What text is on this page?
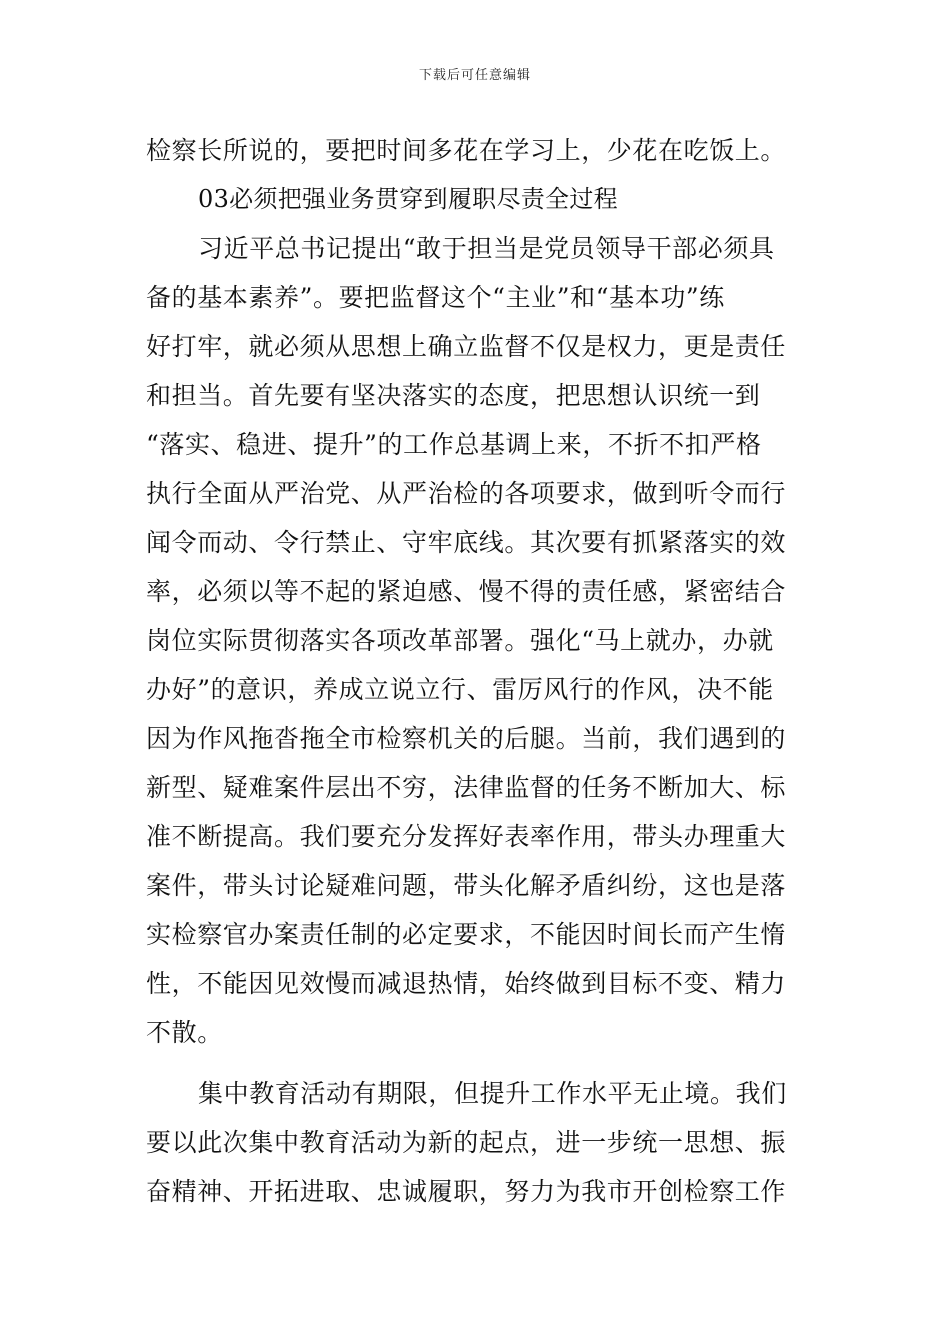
下载后可任意编辑
检察长所说的，要把时间多花在学习上，少花在吃饭上。
03必须把强业务贯穿到履职尽责全过程
习近平总书记提出“敢于担当是党员领导干部必须具
备的基本素养”。要把监督这个“主业”和“基本功”练
好打牢，就必须从思想上确立监督不仅是权力，更是责任
和担当。首先要有坚决落实的态度，把思想认识统一到
“落实、稳进、提升”的工作总基调上来，不折不扣严格
执行全面从严治党、从严治检的各项要求，做到听令而行
闻令而动、令行禁止、守牢底线。其次要有抓紧落实的效
率，必须以等不起的紧迫感、慢不得的责任感，紧密结合
岗位实际贯彻落实各项改革部署。强化“马上就办，办就
办好”的意识，养成立说立行、雷厉风行的作风，决不能
因为作风拖沓拖全市检察机关的后腿。当前，我们遇到的
新型、疑难案件层出不穷，法律监督的任务不断加大、标
准不断提高。我们要充分发挥好表率作用，带头办理重大
案件，带头讨论疑难问题，带头化解矛盾纠纷，这也是落
实检察官办案责任制的必定要求，不能因时间长而产生惰
性，不能因见效慢而减退热情，始终做到目标不变、精力
不散。
集中教育活动有期限，但提升工作水平无止境。我们
要以此次集中教育活动为新的起点，进一步统一思想、振
奋精神、开拓进取、忠诚履职，努力为我市开创检察工作
